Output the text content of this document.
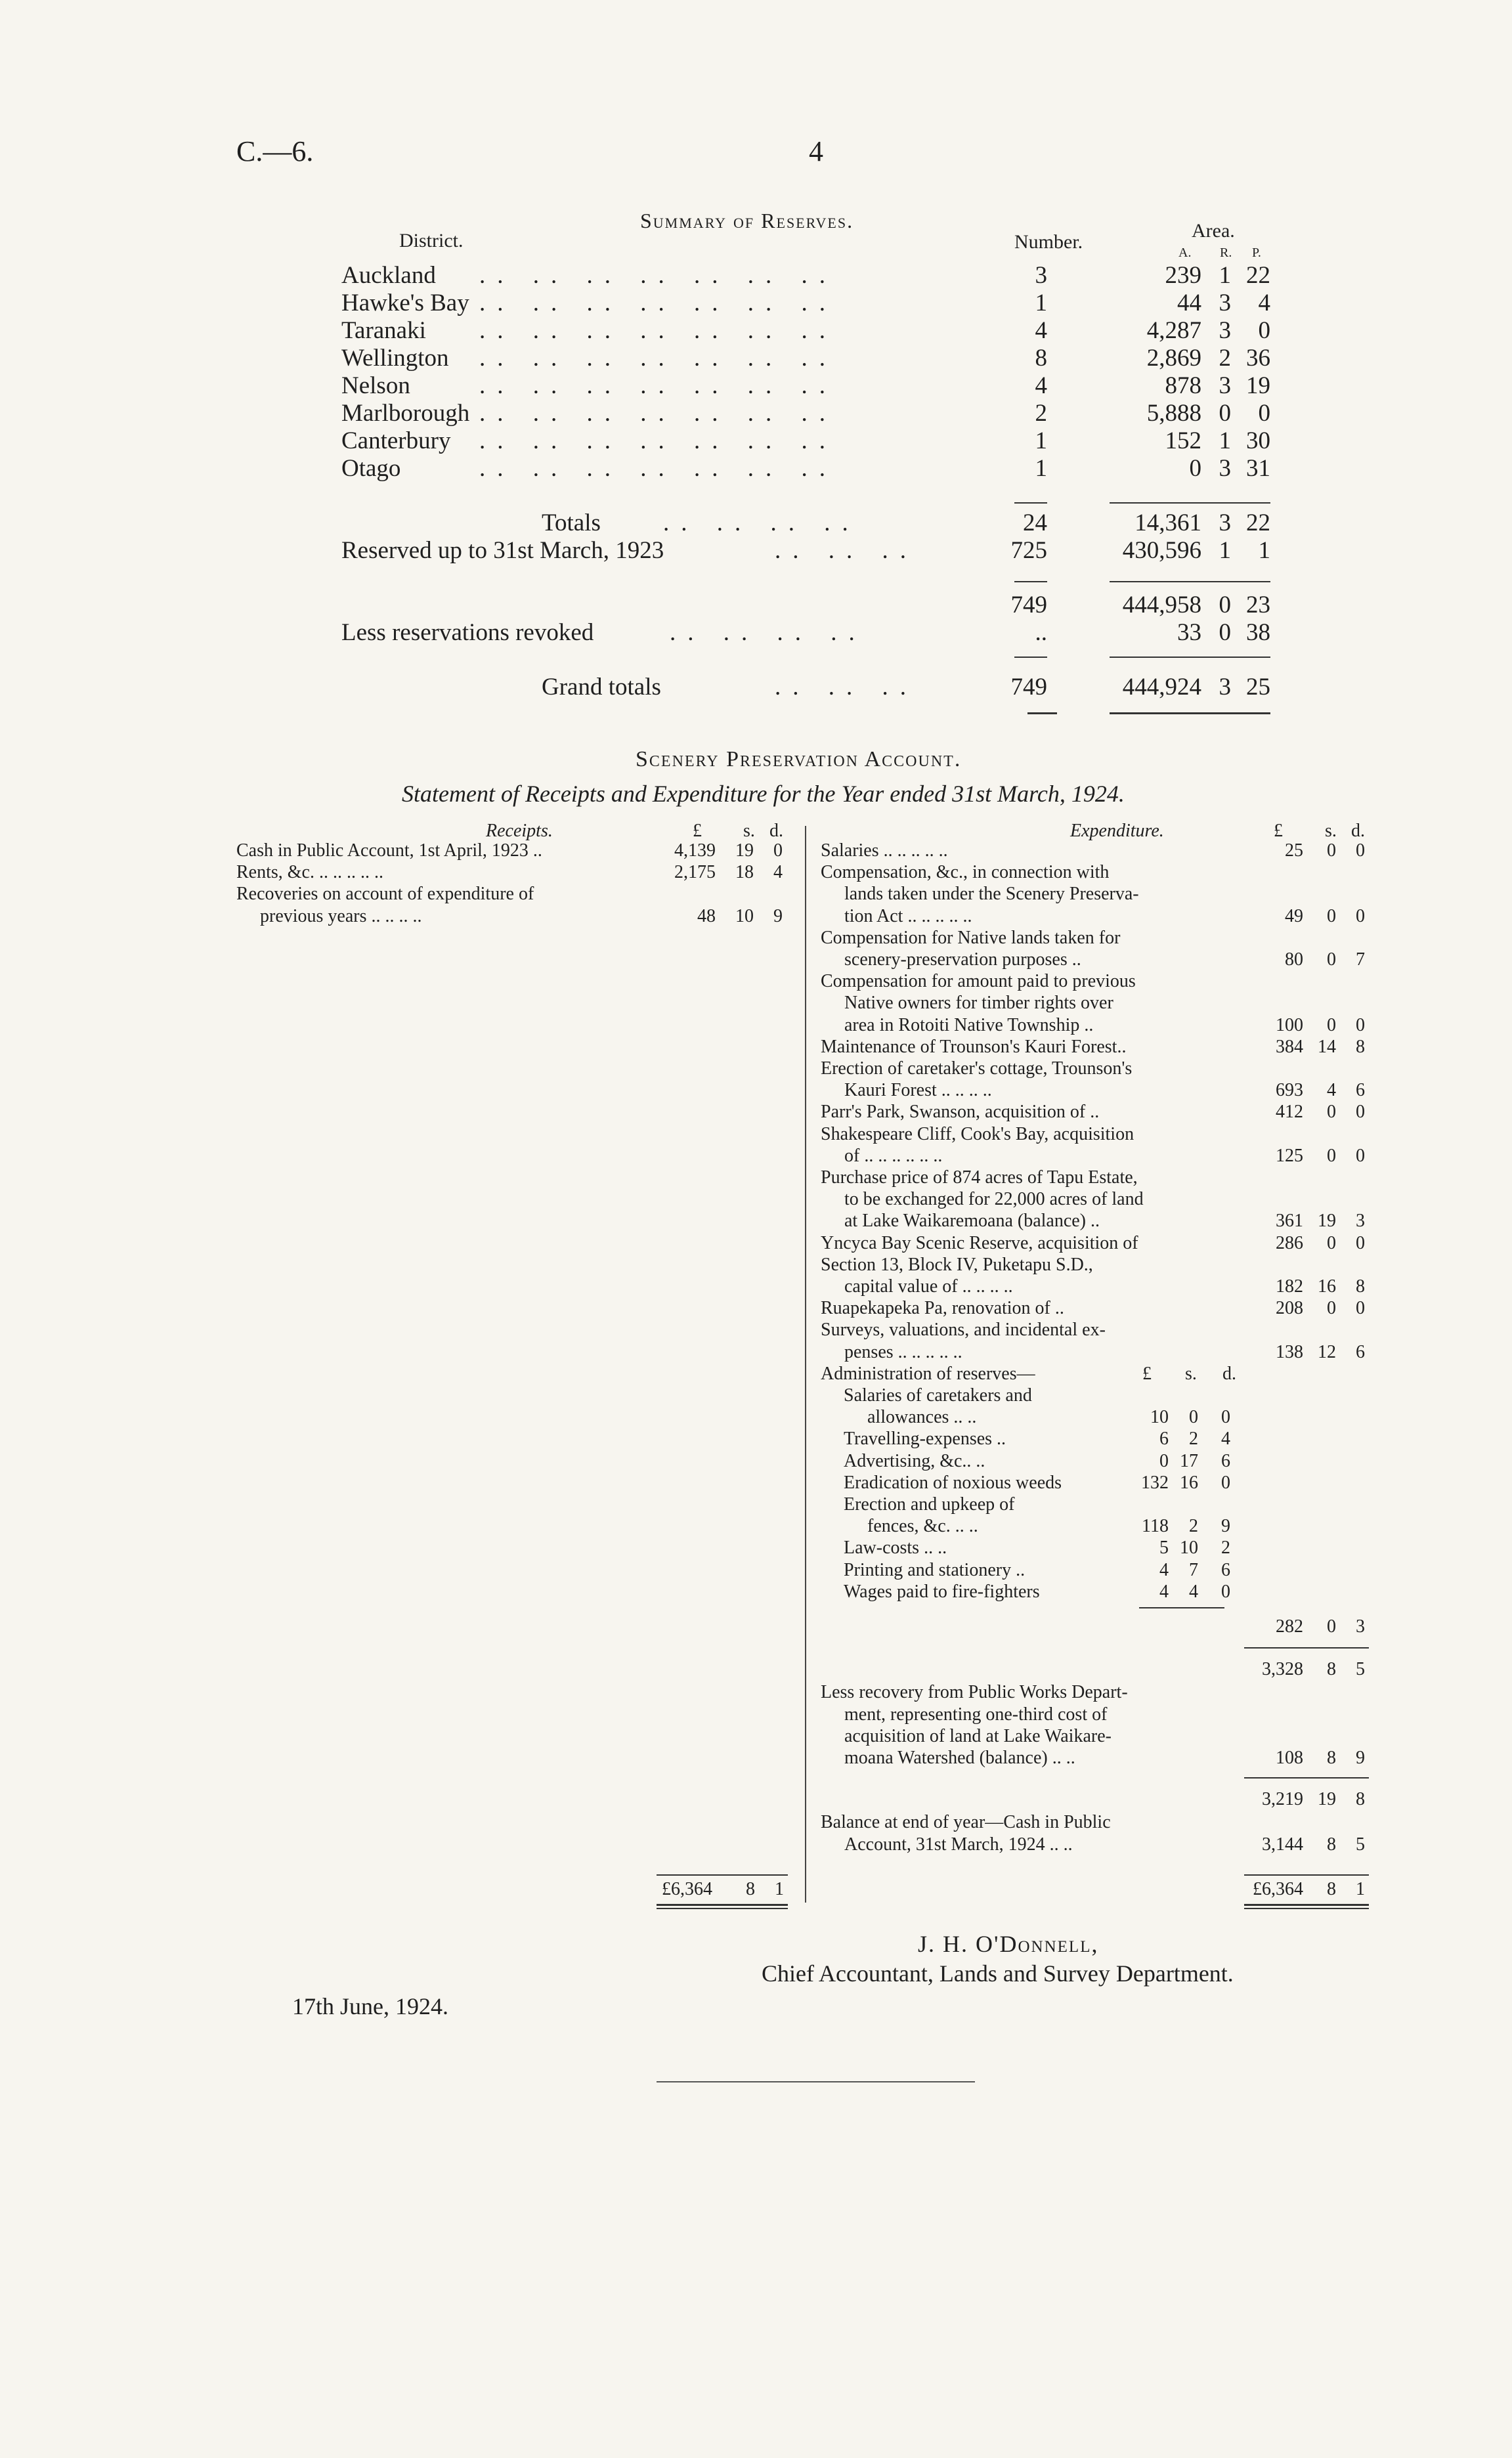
C.—6.	4
Summary of Reserves.
District.	Number.
Area.
A. R. P.
Auckland .. .. .. .. .. .. ..	3	239 1 22
Hawke's Bay .. .. .. .. .. .. ..	1	44 3	4
Taranaki .. .. .. .. .. .. ..	4	4,287 3	0
Wellington .. .. .. .. .. .. ..	8	2,869 2 36
Nelson	.. .. .. .. .. .. ..	4	878 3 19
Marlborough .. .. .. .. .. .. ..	2	5,888 0	0
Canterbury .. .. .. .. .. .. ..	1	152 1 30
Otago	.. .. .. .. .. .. ..	1	0 3 31
Totals	.. .. .. ..	24	14,361 3 22
Reserved up to 31st March, 1923	.. .. ..	725	430,596 1	1
749	444,958 0 23
Less reservations revoked	.. .. .. ..	..	33 0 38
Grand totals	.. .. ..	749	444,924 3 25
Scenery Preservation Account.
Statement of Receipts and Expenditure for the Year ended 31st March, 1924.
Receipts.	£ s. d.	Expenditure.	£ s. d.
Cash in Public Account, 1st April, 1923 ..	4,139	19	0
Rents, &c. .. .. .. .. ..	2,175	18	4
Recoveries on account of expenditure of
previous years .. .. .. ..	48	10	9
Salaries .. .. .. .. ..	25	0	0
Compensation, &c., in connection with
lands taken under the Scenery Preserva-
tion Act .. .. .. .. ..	49	0	0
Compensation for Native lands taken for
scenery-preservation purposes ..	80	0	7
Compensation for amount paid to previous
Native owners for timber rights over
area in Rotoiti Native Township ..	100	0	0
Maintenance of Trounson's Kauri Forest..	384 14	8
Erection of caretaker's cottage, Trounson's
Kauri Forest .. .. .. ..	693	4	6
Parr's Park, Swanson, acquisition of ..	412	0	0
Shakespeare Cliff, Cook's Bay, acquisition
of .. .. .. .. .. ..	125	0	0
Purchase price of 874 acres of Tapu Estate,
to be exchanged for 22,000 acres of land
at Lake Waikaremoana (balance) ..	361 19	3
Yncyca Bay Scenic Reserve, acquisition of	286	0	0
Section 13, Block IV, Puketapu S.D.,
capital value of .. .. .. ..	182 16	8
Ruapekapeka Pa, renovation of ..	208	0	0
Surveys, valuations, and incidental ex-
penses .. .. .. .. ..	138 12	6
Administration of reserves—	£ s. d.
Salaries of caretakers and
allowances .. ..	10	0	0
Travelling-expenses ..	6	2	4
Advertising, &c.. ..	0 17	6
Eradication of noxious weeds	132 16	0
Erection and upkeep of
fences, &c. .. ..	118	2	9
Law-costs .. ..	5 10	2
Printing and stationery ..	4	7	6
Wages paid to fire-fighters	4	4	0
282	0	3
3,328	8	5
Less recovery from Public Works Depart-
ment, representing one-third cost of
acquisition of land at Lake Waikare-
moana Watershed (balance) .. ..	108	8	9
3,219 19	8
Balance at end of year—Cash in Public
Account, 31st March, 1924 .. ..	3,144	8	5
£6,364	8	1
£6,364	8	1
J. H. O'Donnell,
Chief Accountant, Lands and Survey Department.
17th June, 1924.
